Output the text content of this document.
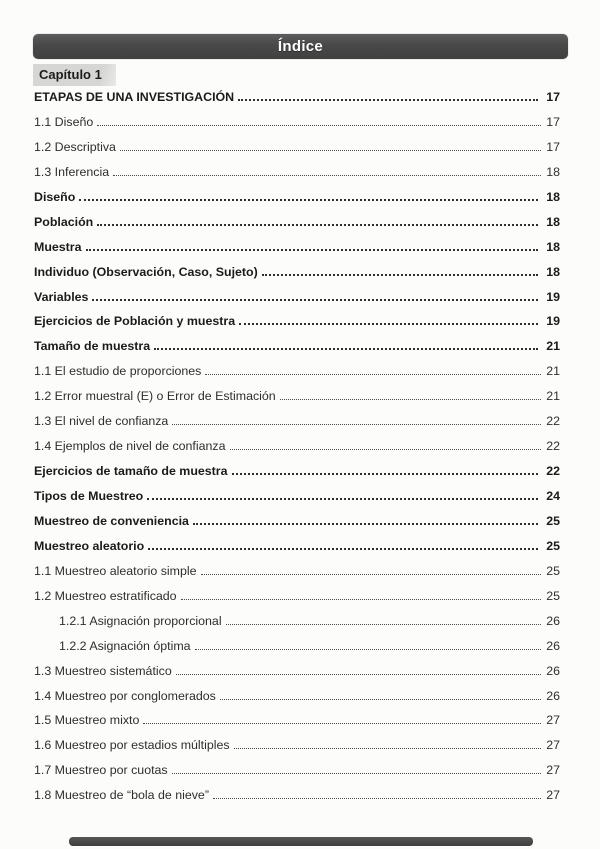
Índice
Capítulo 1
ETAPAS DE UNA INVESTIGACIÓN	17
1.1 Diseño	17
1.2 Descriptiva	17
1.3 Inferencia	18
Diseño	18
Población	18
Muestra	18
Individuo (Observación, Caso, Sujeto)	18
Variables	19
Ejercicios de Población y muestra	19
Tamaño de muestra	21
1.1 El estudio de proporciones	21
1.2 Error muestral (E) o Error de Estimación	21
1.3 El nivel de confianza	22
1.4 Ejemplos de nivel de confianza	22
Ejercicios de tamaño de muestra	22
Tipos de Muestreo	24
Muestreo de conveniencia	25
Muestreo aleatorio	25
1.1 Muestreo aleatorio simple	25
1.2 Muestreo estratificado	25
1.2.1 Asignación proporcional	26
1.2.2 Asignación óptima	26
1.3 Muestreo sistemático	26
1.4 Muestreo por conglomerados	26
1.5 Muestreo mixto	27
1.6 Muestreo por estadios múltiples	27
1.7 Muestreo por cuotas	27
1.8 Muestreo de “bola de nieve”	27
